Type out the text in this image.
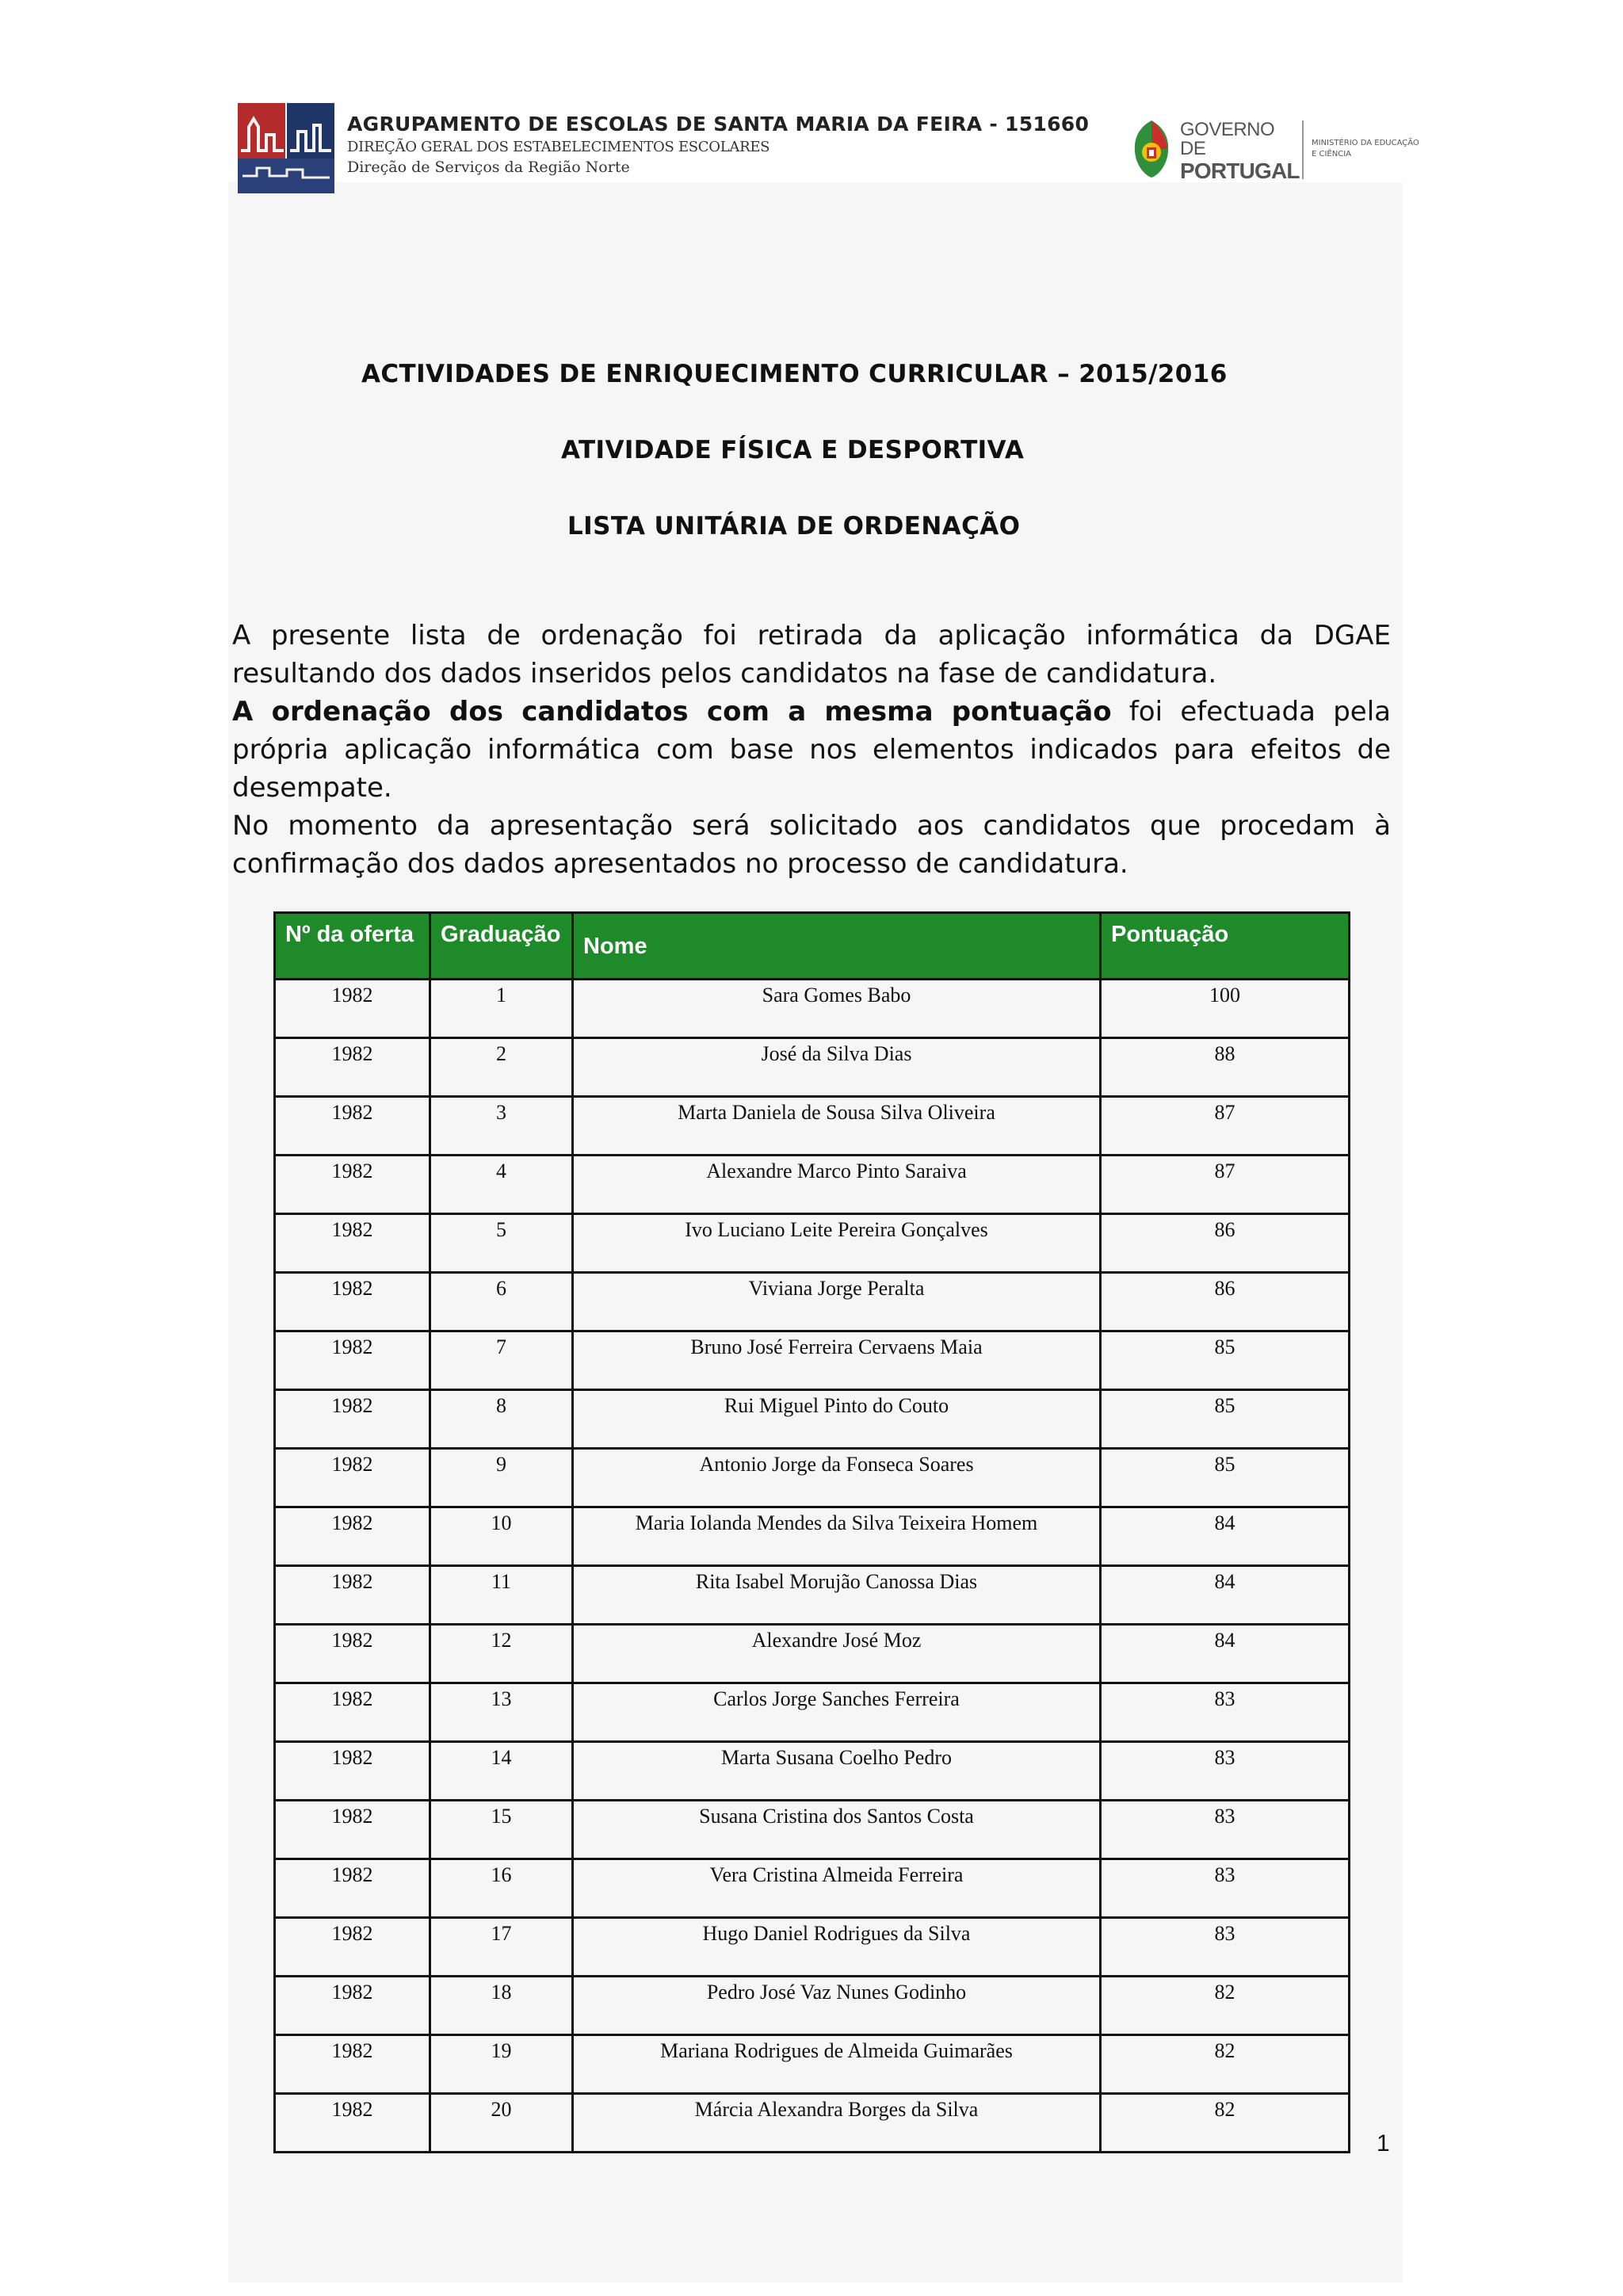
AGRUPAMENTO DE ESCOLAS DE SANTA MARIA DA FEIRA - 151660
DIREÇÃO GERAL DOS ESTABELECIMENTOS ESCOLARES
Direção de Serviços da Região Norte
GOVERNO DE
PORTUGAL
MINISTÉRIO DA EDUCAÇÃO E CIÊNCIA
ACTIVIDADES DE ENRIQUECIMENTO CURRICULAR – 2015/2016
ATIVIDADE FÍSICA E DESPORTIVA
LISTA UNITÁRIA DE ORDENAÇÃO

A presente lista de ordenação foi retirada da aplicação informática da DGAE resultando dos dados inseridos pelos candidatos na fase de candidatura.

A ordenação dos candidatos com a mesma pontuação foi efectuada pela própria aplicação informática com base nos elementos indicados para efeitos de desempate.

No momento da apresentação será solicitado aos candidatos que procedam à confirmação dos dados apresentados no processo de candidatura.

Nº da oferta	Graduação	Nome	Pontuação
1982	1	Sara Gomes Babo	100
1982	2	José da Silva Dias	88
1982	3	Marta Daniela de Sousa Silva Oliveira	87
1982	4	Alexandre Marco Pinto Saraiva	87
1982	5	Ivo Luciano Leite Pereira Gonçalves	86
1982	6	Viviana Jorge Peralta	86
1982	7	Bruno José Ferreira Cervaens Maia	85
1982	8	Rui Miguel Pinto do Couto	85
1982	9	Antonio Jorge da Fonseca Soares	85
1982	10	Maria Iolanda Mendes da Silva Teixeira Homem	84
1982	11	Rita Isabel Morujão Canossa Dias	84
1982	12	Alexandre José Moz	84
1982	13	Carlos Jorge Sanches Ferreira	83
1982	14	Marta Susana Coelho Pedro	83
1982	15	Susana Cristina dos Santos Costa	83
1982	16	Vera Cristina Almeida Ferreira	83
1982	17	Hugo Daniel Rodrigues da Silva	83
1982	18	Pedro José Vaz Nunes Godinho	82
1982	19	Mariana Rodrigues de Almeida Guimarães	82
1982	20	Márcia Alexandra Borges da Silva	82
1
